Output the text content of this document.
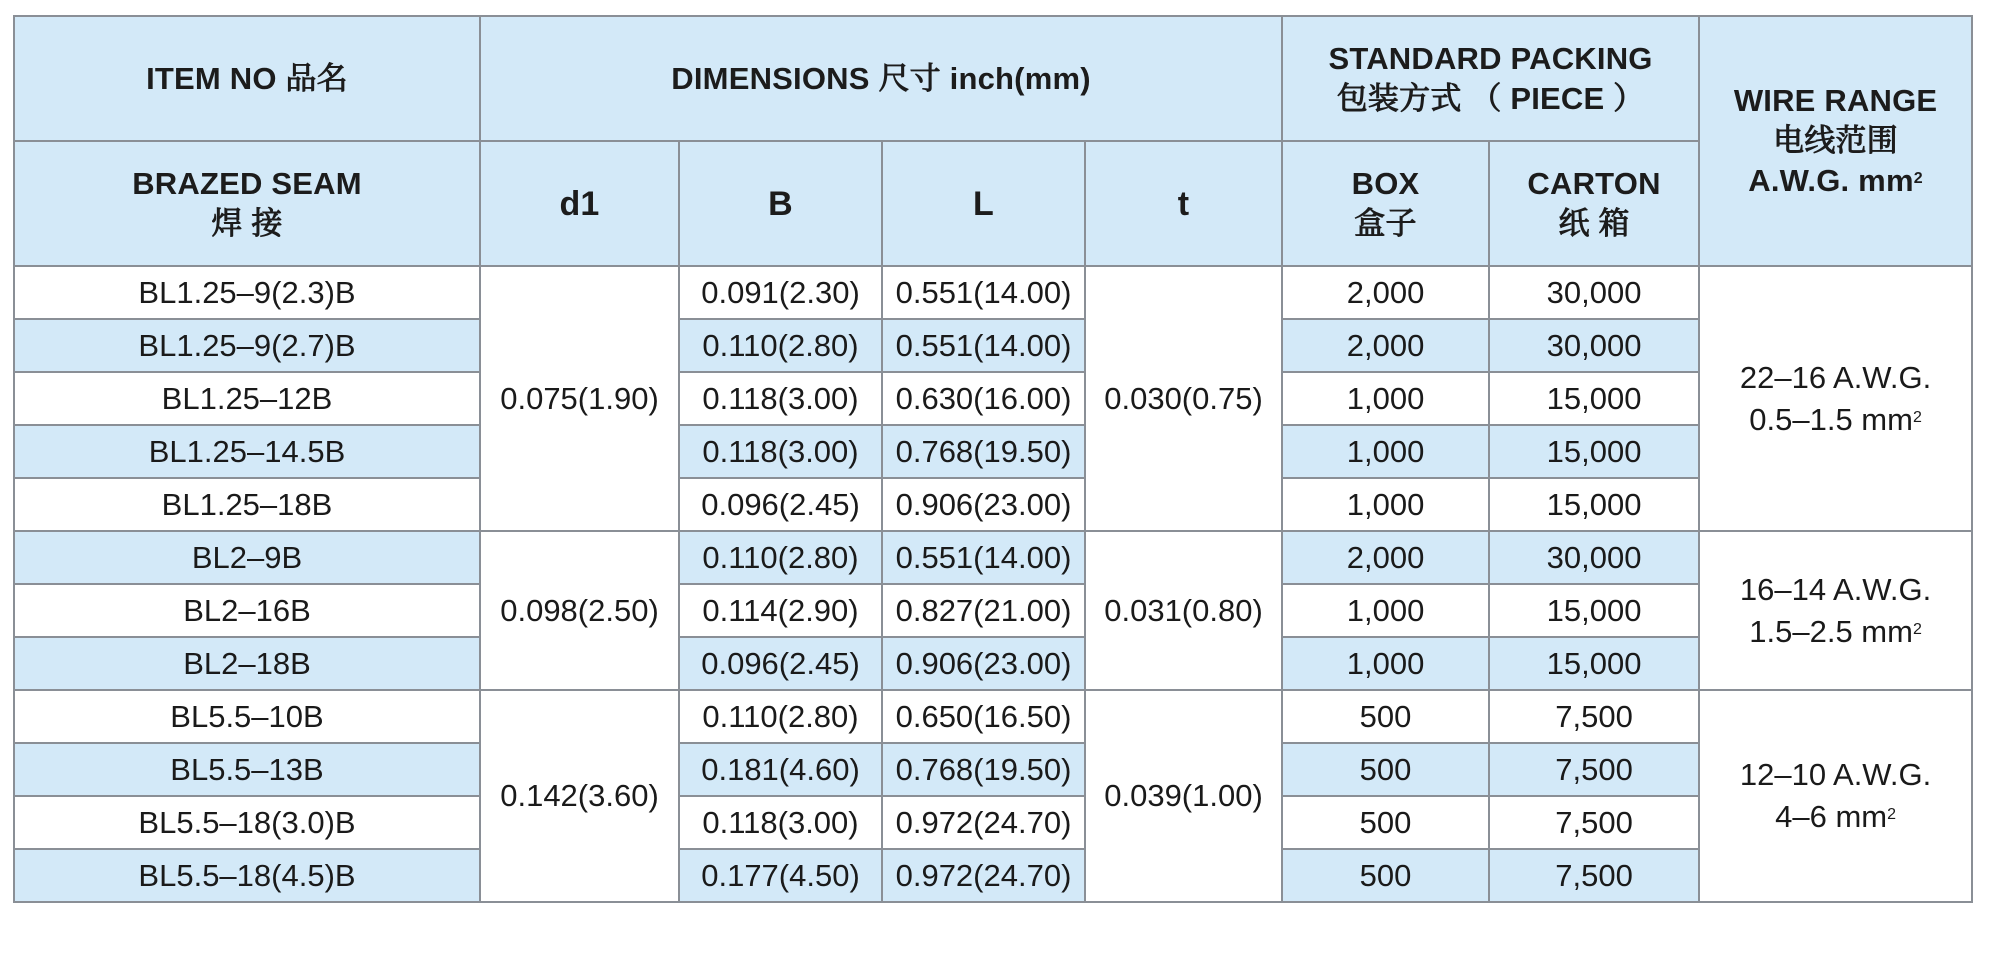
ITEM NO 品名	DIMENSIONS 尺寸 inch(mm)				STANDARD PACKING
包装方式 （ PIECE ）		WIRE RANGE
电线范围
A.W.G. $mm^2$

BRAZED SEAM
焊 接	d1	B	L	t	BOX
盒子	CARTON
纸 箱	

BL1.25–9(2.3)B	0.075(1.90)	0.091(2.30)	0.551(14.00)	0.030(0.75)	2,000	30,000	22–16 A.W.G.
0.5–1.5 $mm^2$

BL1.25–9(2.7)B		0.110(2.80)	0.551(14.00)		2,000	30,000	
BL1.25–12B		0.118(3.00)	0.630(16.00)		1,000	15,000	
BL1.25–14.5B		0.118(3.00)	0.768(19.50)		1,000	15,000	
BL1.25–18B		0.096(2.45)	0.906(23.00)		1,000	15,000	
BL2–9B	0.098(2.50)	0.110(2.80)	0.551(14.00)	0.031(0.80)	2,000	30,000	16–14 A.W.G.
1.5–2.5 $mm^2$

BL2–16B		0.114(2.90)	0.827(21.00)		1,000	15,000	
BL2–18B		0.096(2.45)	0.906(23.00)		1,000	15,000	
BL5.5–10B	0.142(3.60)	0.110(2.80)	0.650(16.50)	0.039(1.00)	500	7,500	12–10 A.W.G.
4–6 $mm^2$

BL5.5–13B		0.181(4.60)	0.768(19.50)		500	7,500	
BL5.5–18(3.0)B		0.118(3.00)	0.972(24.70)		500	7,500	
BL5.5–18(4.5)B		0.177(4.50)	0.972(24.70)		500	7,500	
